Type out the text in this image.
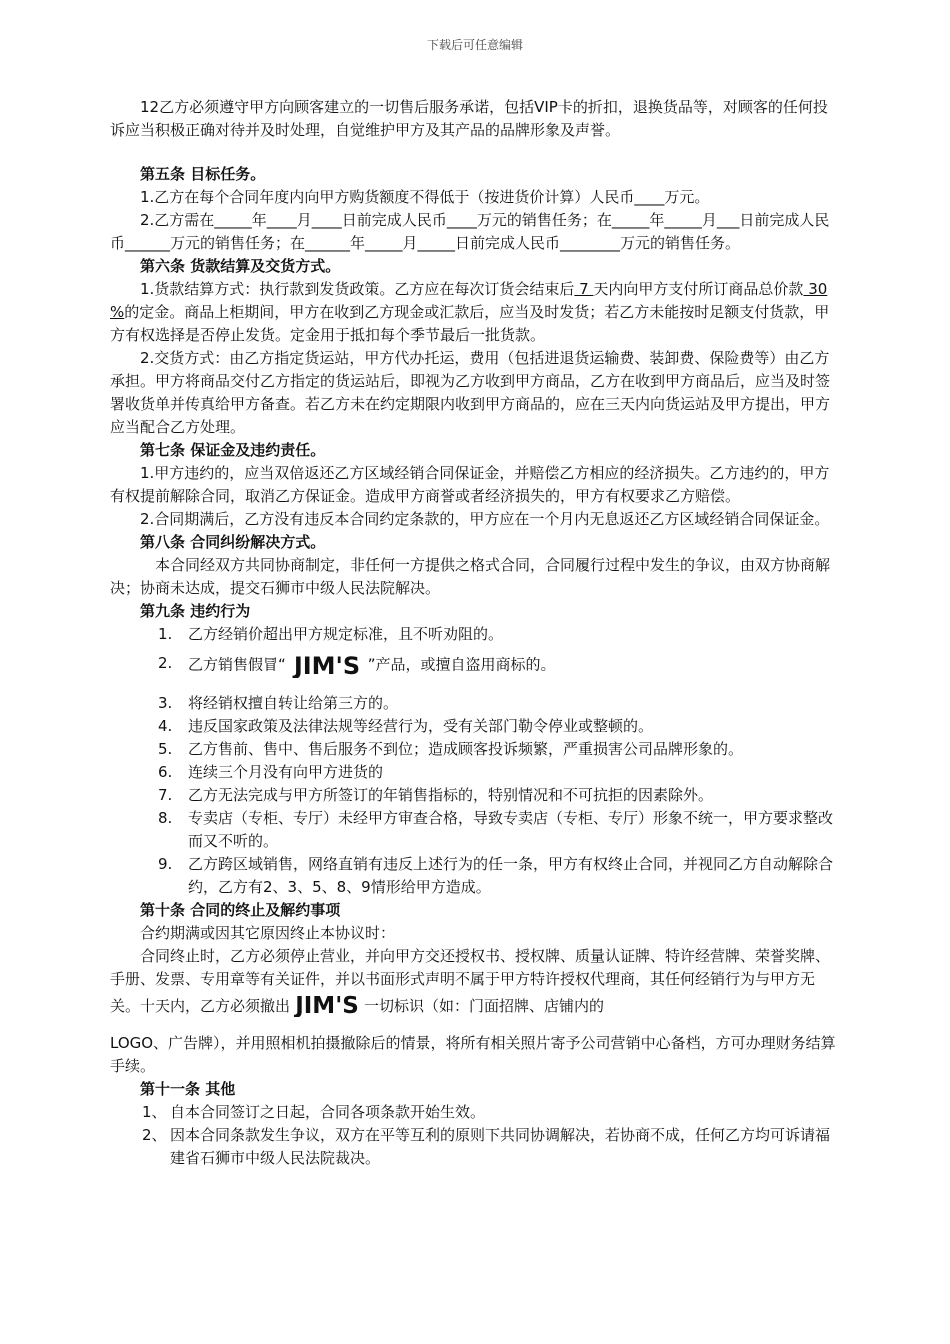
下载后可任意编辑

12乙方必须遵守甲方向顾客建立的一切售后服务承诺，包括VIP卡的折扣，退换货品等，对顾客的任何投诉应当积极正确对待并及时处理，自觉维护甲方及其产品的品牌形象及声誉。

第五条 目标任务。

1.乙方在每个合同年度内向甲方购货额度不得低于（按进货价计算）人民币____万元。

2.乙方需在_____年____月____日前完成人民币____万元的销售任务；在_____年_____月___日前完成人民币______万元的销售任务；在______年_____月_____日前完成人民币________万元的销售任务。

第六条 货款结算及交货方式。

1.货款结算方式：执行款到发货政策。乙方应在每次订货会结束后 7 天内向甲方支付所订商品总价款 30 %的定金。商品上柜期间，甲方在收到乙方现金或汇款后，应当及时发货；若乙方未能按时足额支付货款，甲方有权选择是否停止发货。定金用于抵扣每个季节最后一批货款。

2.交货方式：由乙方指定货运站，甲方代办托运，费用（包括进退货运输费、装卸费、保险费等）由乙方承担。甲方将商品交付乙方指定的货运站后，即视为乙方收到甲方商品，乙方在收到甲方商品后，应当及时签署收货单并传真给甲方备查。若乙方未在约定期限内收到甲方商品的，应在三天内向货运站及甲方提出，甲方应当配合乙方处理。

第七条 保证金及违约责任。

1.甲方违约的，应当双倍返还乙方区域经销合同保证金，并赔偿乙方相应的经济损失。乙方违约的，甲方有权提前解除合同，取消乙方保证金。造成甲方商誉或者经济损失的，甲方有权要求乙方赔偿。

2.合同期满后，乙方没有违反本合同约定条款的，甲方应在一个月内无息返还乙方区域经销合同保证金。

第八条 合同纠纷解决方式。

本合同经双方共同协商制定，非任何一方提供之格式合同，合同履行过程中发生的争议，由双方协商解决；协商未达成，提交石狮市中级人民法院解决。

第九条 违约行为

1. 乙方经销价超出甲方规定标准，且不听劝阻的。
2. 乙方销售假冒“ JIM'S ”产品，或擅自盗用商标的。
3. 将经销权擅自转让给第三方的。
4. 违反国家政策及法律法规等经营行为，受有关部门勒令停业或整顿的。
5. 乙方售前、售中、售后服务不到位；造成顾客投诉频繁，严重损害公司品牌形象的。
6. 连续三个月没有向甲方进货的
7. 乙方无法完成与甲方所签订的年销售指标的，特别情况和不可抗拒的因素除外。
8. 专卖店（专柜、专厅）未经甲方审查合格，导致专卖店（专柜、专厅）形象不统一，甲方要求整改而又不听的。
9. 乙方跨区域销售，网络直销有违反上述行为的任一条，甲方有权终止合同，并视同乙方自动解除合约，乙方有2、3、5、8、9情形给甲方造成。

第十条 合同的终止及解约事项

合约期满或因其它原因终止本协议时：

合同终止时，乙方必须停止营业，并向甲方交还授权书、授权牌、质量认证牌、特许经营牌、荣誉奖牌、手册、发票、专用章等有关证件，并以书面形式声明不属于甲方特许授权代理商，其任何经销行为与甲方无关。十天内，乙方必须撤出 JIM'S 一切标识（如：门面招牌、店铺内的

LOGO、广告牌），并用照相机拍摄撤除后的情景，将所有相关照片寄予公司营销中心备档，方可办理财务结算手续。

第十一条 其他

1、 自本合同签订之日起，合同各项条款开始生效。
2、 因本合同条款发生争议，双方在平等互利的原则下共同协调解决，若协商不成，任何乙方均可诉请福建省石狮市中级人民法院裁决。
